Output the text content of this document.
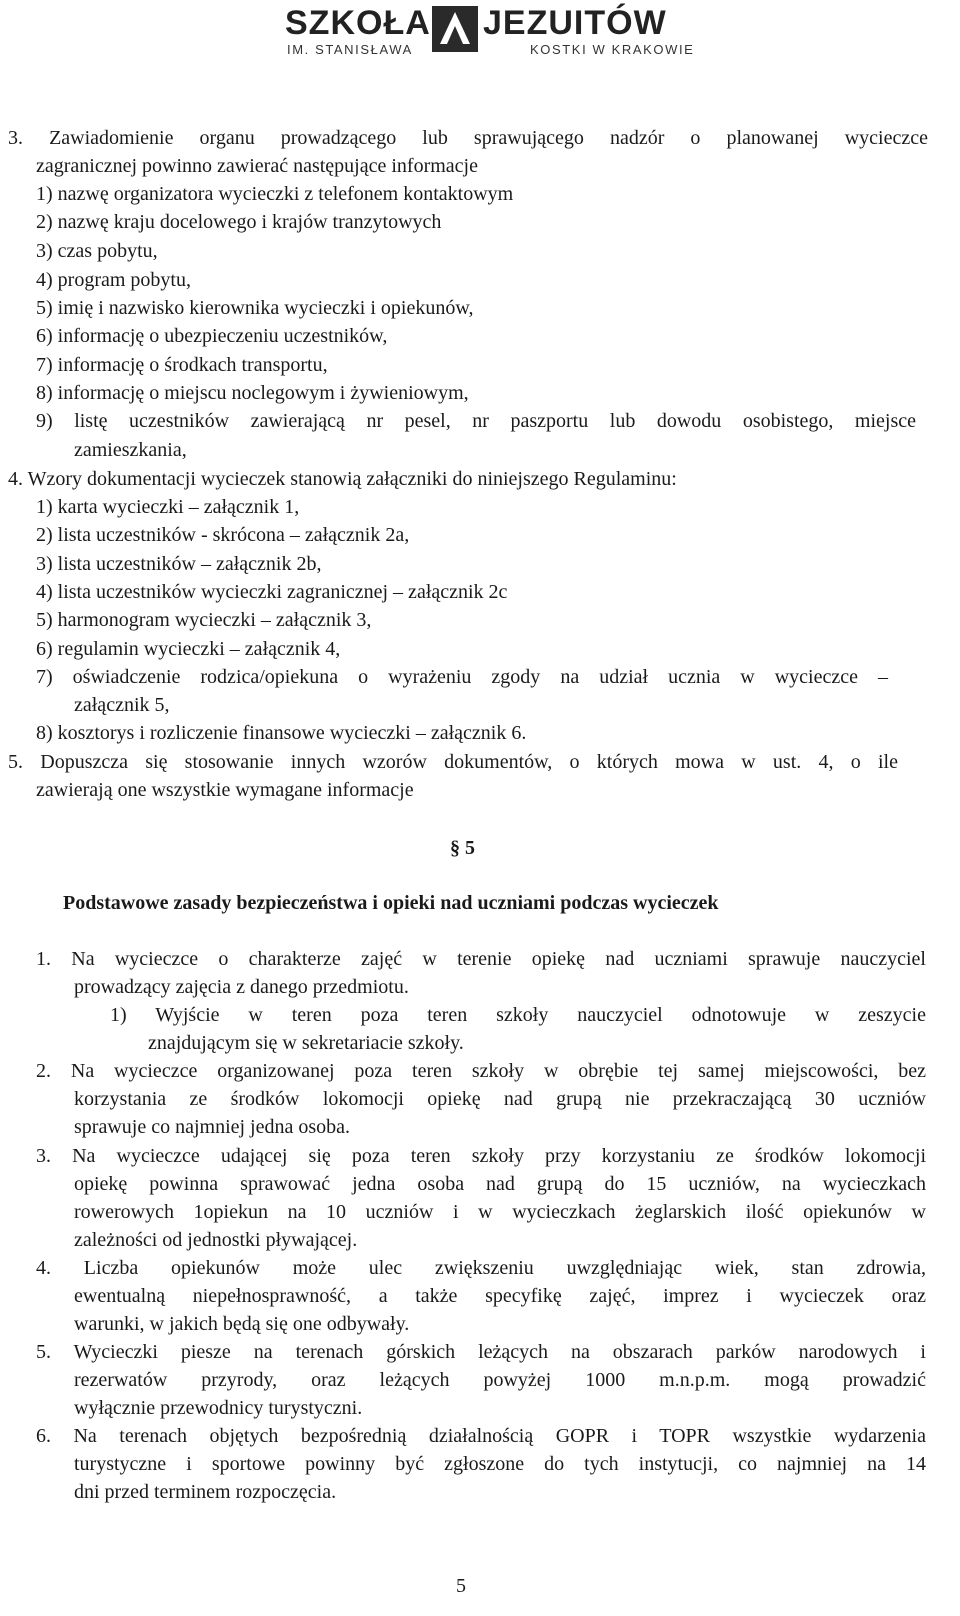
SZKOŁA JEZUITÓW
IM. STANISŁAWA	KOSTKI W KRAKOWIE
3. Zawiadomienie organu prowadzącego lub sprawującego nadzór o planowanej wycieczce
zagranicznej powinno zawierać następujące informacje
1) nazwę organizatora wycieczki z telefonem kontaktowym
2) nazwę kraju docelowego i krajów tranzytowych
3) czas pobytu,
4) program pobytu,
5) imię i nazwisko kierownika wycieczki i opiekunów,
6) informację o ubezpieczeniu uczestników,
7) informację o środkach transportu,
8) informację o miejscu noclegowym i żywieniowym,
9) listę uczestników zawierającą nr pesel, nr paszportu lub dowodu osobistego, miejsce
zamieszkania,
4. Wzory dokumentacji wycieczek stanowią załączniki do niniejszego Regulaminu:
1) karta wycieczki – załącznik 1,
2) lista uczestników - skrócona – załącznik 2a,
3) lista uczestników – załącznik 2b,
4) lista uczestników wycieczki zagranicznej – załącznik 2c
5) harmonogram wycieczki – załącznik 3,
6) regulamin wycieczki – załącznik 4,
7) oświadczenie rodzica/opiekuna o wyrażeniu zgody na udział ucznia w wycieczce –
załącznik 5,
8) kosztorys i rozliczenie finansowe wycieczki – załącznik 6.
5. Dopuszcza się stosowanie innych wzorów dokumentów, o których mowa w ust. 4, o ile
zawierają one wszystkie wymagane informacje
§ 5
Podstawowe zasady bezpieczeństwa i opieki nad uczniami podczas wycieczek
1. Na wycieczce o charakterze zajęć w terenie opiekę nad uczniami sprawuje nauczyciel
prowadzący zajęcia z danego przedmiotu.
1) Wyjście w teren poza teren szkoły nauczyciel odnotowuje w zeszycie
znajdującym się w sekretariacie szkoły.
2. Na wycieczce organizowanej poza teren szkoły w obrębie tej samej miejscowości, bez
korzystania ze środków lokomocji opiekę nad grupą nie przekraczającą 30 uczniów
sprawuje co najmniej jedna osoba.
3. Na wycieczce udającej się poza teren szkoły przy korzystaniu ze środków lokomocji
opiekę powinna sprawować jedna osoba nad grupą do 15 uczniów, na wycieczkach
rowerowych 1opiekun na 10 uczniów i w wycieczkach żeglarskich ilość opiekunów w
zależności od jednostki pływającej.
4. Liczba opiekunów może ulec zwiększeniu uwzględniając wiek, stan zdrowia,
ewentualną niepełnosprawność, a także specyfikę zajęć, imprez i wycieczek oraz
warunki, w jakich będą się one odbywały.
5. Wycieczki piesze na terenach górskich leżących na obszarach parków narodowych i
rezerwatów przyrody, oraz leżących powyżej 1000 m.n.p.m. mogą prowadzić
wyłącznie przewodnicy turystyczni.
6. Na terenach objętych bezpośrednią działalnością GOPR i TOPR wszystkie wydarzenia
turystyczne i sportowe powinny być zgłoszone do tych instytucji, co najmniej na 14
dni przed terminem rozpoczęcia.
5
